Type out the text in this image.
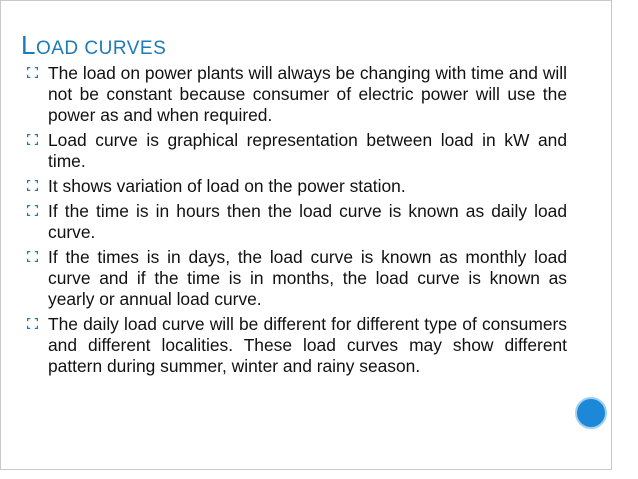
LOAD CURVES
The load on power plants will always be changing with time and will not be constant because consumer of electric power will use the power as and when required.
Load curve is graphical representation between load in kW and time.
It shows variation of load on the power station.
If the time is in hours then the load curve is known as daily load curve.
If the times is in days, the load curve is known as monthly load curve and if the time is in months, the load curve is known as yearly or annual load curve.
The daily load curve will be different for different type of consumers and different localities. These load curves may show different pattern during summer, winter and rainy season.
